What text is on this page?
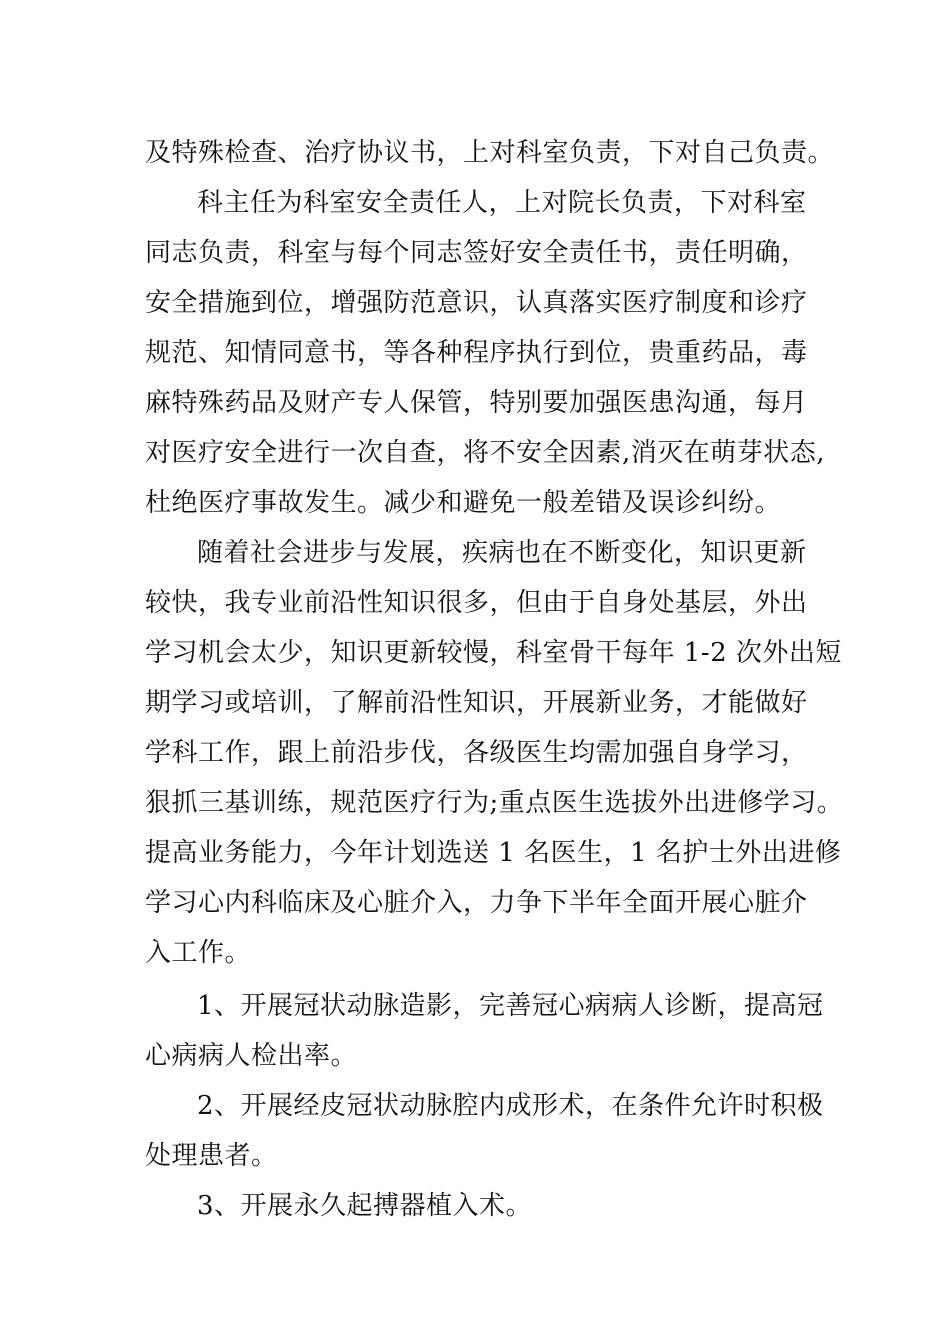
及特殊检查、治疗协议书，上对科室负责，下对自己负责。
科主任为科室安全责任人，上对院长负责，下对科室
同志负责，科室与每个同志签好安全责任书，责任明确，
安全措施到位，增强防范意识，认真落实医疗制度和诊疗
规范、知情同意书，等各种程序执行到位，贵重药品，毒
麻特殊药品及财产专人保管，特别要加强医患沟通，每月
对医疗安全进行一次自查，将不安全因素,消灭在萌芽状态,
杜绝医疗事故发生。减少和避免一般差错及误诊纠纷。
随着社会进步与发展，疾病也在不断变化，知识更新
较快，我专业前沿性知识很多，但由于自身处基层，外出
学习机会太少，知识更新较慢，科室骨干每年 1-2 次外出短
期学习或培训，了解前沿性知识，开展新业务，才能做好
学科工作，跟上前沿步伐，各级医生均需加强自身学习，
狠抓三基训练，规范医疗行为;重点医生选拔外出进修学习。
提高业务能力，今年计划选送 1 名医生，1 名护士外出进修
学习心内科临床及心脏介入，力争下半年全面开展心脏介
入工作。
1、开展冠状动脉造影，完善冠心病病人诊断，提高冠
心病病人检出率。
2、开展经皮冠状动脉腔内成形术，在条件允许时积极
处理患者。
3、开展永久起搏器植入术。
